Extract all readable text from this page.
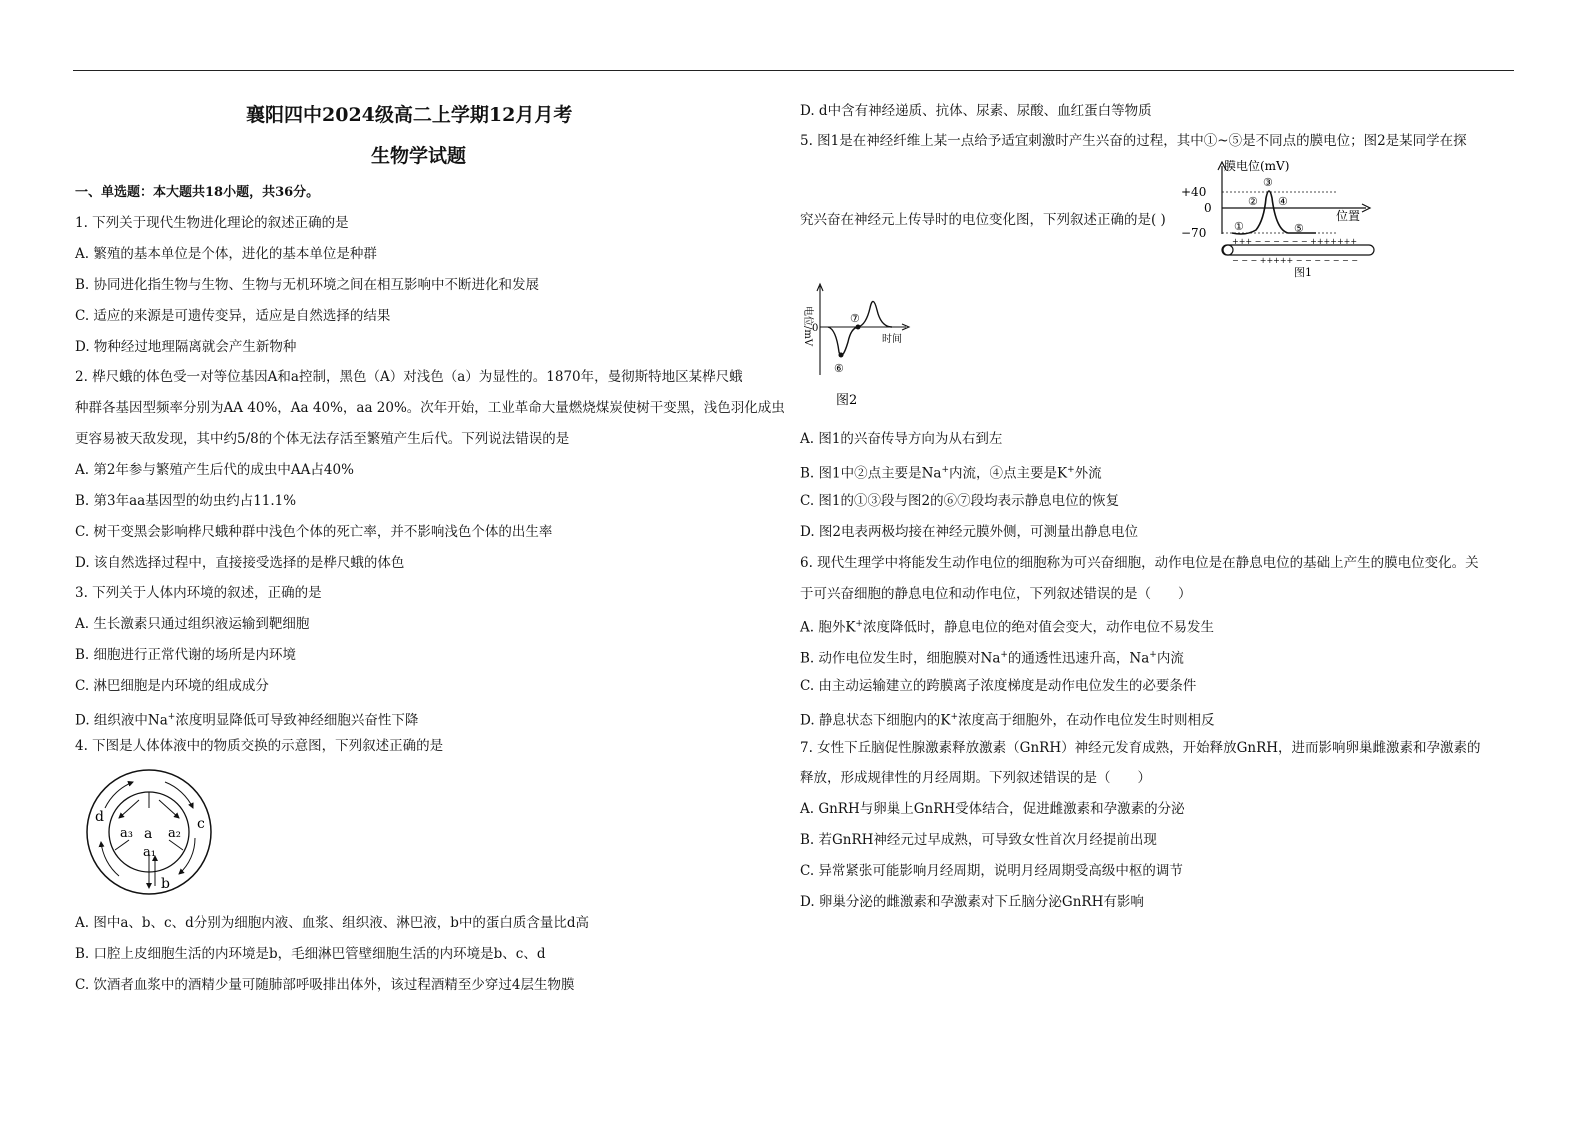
襄阳四中2024级高二上学期12月月考
生物学试题
一、单选题：本大题共18小题，共36分。
1. 下列关于现代生物进化理论的叙述正确的是
A. 繁殖的基本单位是个体，进化的基本单位是种群
B. 协同进化指生物与生物、生物与无机环境之间在相互影响中不断进化和发展
C. 适应的来源是可遗传变异，适应是自然选择的结果
D. 物种经过地理隔离就会产生新物种
2. 桦尺蛾的体色受一对等位基因A和a控制，黑色（A）对浅色（a）为显性的。1870年，曼彻斯特地区某桦尺蛾
种群各基因型频率分别为AA 40%，Aa 40%，aa 20%。次年开始，工业革命大量燃烧煤炭使树干变黑，浅色羽化成虫
更容易被天敌发现，其中约5/8的个体无法存活至繁殖产生后代。下列说法错误的是
A. 第2年参与繁殖产生后代的成虫中AA占40%
B. 第3年aa基因型的幼虫约占11.1%
C. 树干变黑会影响桦尺蛾种群中浅色个体的死亡率，并不影响浅色个体的出生率
D. 该自然选择过程中，直接接受选择的是桦尺蛾的体色
3. 下列关于人体内环境的叙述，正确的是
A. 生长激素只通过组织液运输到靶细胞
B. 细胞进行正常代谢的场所是内环境
C. 淋巴细胞是内环境的组成成分
D. 组织液中Na+浓度明显降低可导致神经细胞兴奋性下降
4. 下图是人体体液中的物质交换的示意图，下列叙述正确的是
a₃ a a₂
a₁
d	c
b
A. 图中a、b、c、d分别为细胞内液、血浆、组织液、淋巴液，b中的蛋白质含量比d高
B. 口腔上皮细胞生活的内环境是b，毛细淋巴管壁细胞生活的内环境是b、c、d
C. 饮酒者血浆中的酒精少量可随肺部呼吸排出体外，该过程酒精至少穿过4层生物膜
D. d中含有神经递质、抗体、尿素、尿酸、血红蛋白等物质
5. 图1是在神经纤维上某一点给予适宜刺激时产生兴奋的过程，其中①~⑤是不同点的膜电位；图2是某同学在探
究兴奋在神经元上传导时的电位变化图，下列叙述正确的是( )
+++ − − − − − − +++++++
− − − +++++ − − − − − − −
膜电位(mV)
+40
0
−70
位置
①
②
③
④
⑤
图1
⑦
⑥
0
电位/mV	时间
图2
A. 图1的兴奋传导方向为从右到左
B. 图1中②点主要是Na+内流，④点主要是K+外流
C. 图1的①③段与图2的⑥⑦段均表示静息电位的恢复
D. 图2电表两极均接在神经元膜外侧，可测量出静息电位
6. 现代生理学中将能发生动作电位的细胞称为可兴奋细胞，动作电位是在静息电位的基础上产生的膜电位变化。关
于可兴奋细胞的静息电位和动作电位，下列叙述错误的是（　　）
A. 胞外K+浓度降低时，静息电位的绝对值会变大，动作电位不易发生
B. 动作电位发生时，细胞膜对Na+的通透性迅速升高，Na+内流
C. 由主动运输建立的跨膜离子浓度梯度是动作电位发生的必要条件
D. 静息状态下细胞内的K+浓度高于细胞外，在动作电位发生时则相反
7. 女性下丘脑促性腺激素释放激素（GnRH）神经元发育成熟，开始释放GnRH，进而影响卵巢雌激素和孕激素的
释放，形成规律性的月经周期。下列叙述错误的是（　　）
A. GnRH与卵巢上GnRH受体结合，促进雌激素和孕激素的分泌
B. 若GnRH神经元过早成熟，可导致女性首次月经提前出现
C. 异常紧张可能影响月经周期，说明月经周期受高级中枢的调节
D. 卵巢分泌的雌激素和孕激素对下丘脑分泌GnRH有影响
